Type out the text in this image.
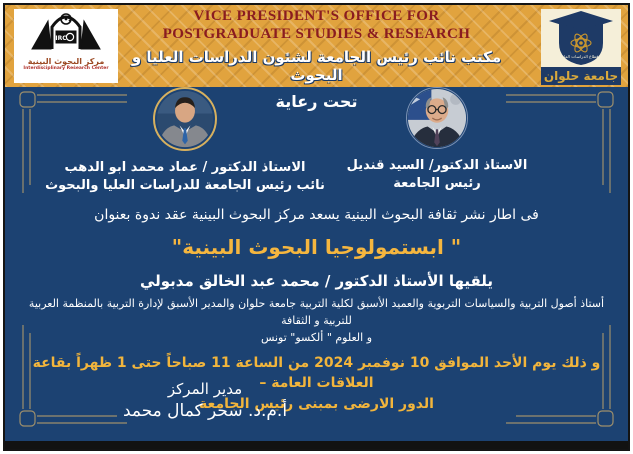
IRC
مركز البحوث البينية
Interdisciplinary Research Center
VICE PRESIDENT'S OFFICE FOR
POSTGRADUATE STUDIES & RESEARCH
مكتب نائب رئيس الجامعة لشئون الدراسات العليا و البحوث
قطاع الدراسات العليا والبحوث
جامعة حلوان
تحت رعاية
الاستاذ الدكتور / عماد محمد ابو الدهب
نائب رئيس الجامعة للدراسات العليا والبحوث
الاستاذ الدكتور/ السيد قنديل
رئيس الجامعة
فى اطار نشر ثقافة البحوث البينية يسعد مركز البحوث البينية عقد ندوة بعنوان
" ابستمولوجيا البحوث البينية"
يلقيها الأستاذ الدكتور / محمد عبد الخالق مدبولي
أستاذ أصول التربية والسياسات التربوية والعميد الأسبق لكلية التربية جامعة حلوان والمدير الأسبق لإدارة التربية بالمنظمة العربية للتربية و الثقافة
و العلوم " ألكسو" تونس
و ذلك يوم الأحد الموافق 10 نوفمبر 2024 من الساعة 11 صباحاً حتى 1 ظهراً بقاعة العلاقات العامة –
الدور الارضى بمبنى رئيس الجامعة
مدير المركز
أ.م.د. سحر كمال محمد
